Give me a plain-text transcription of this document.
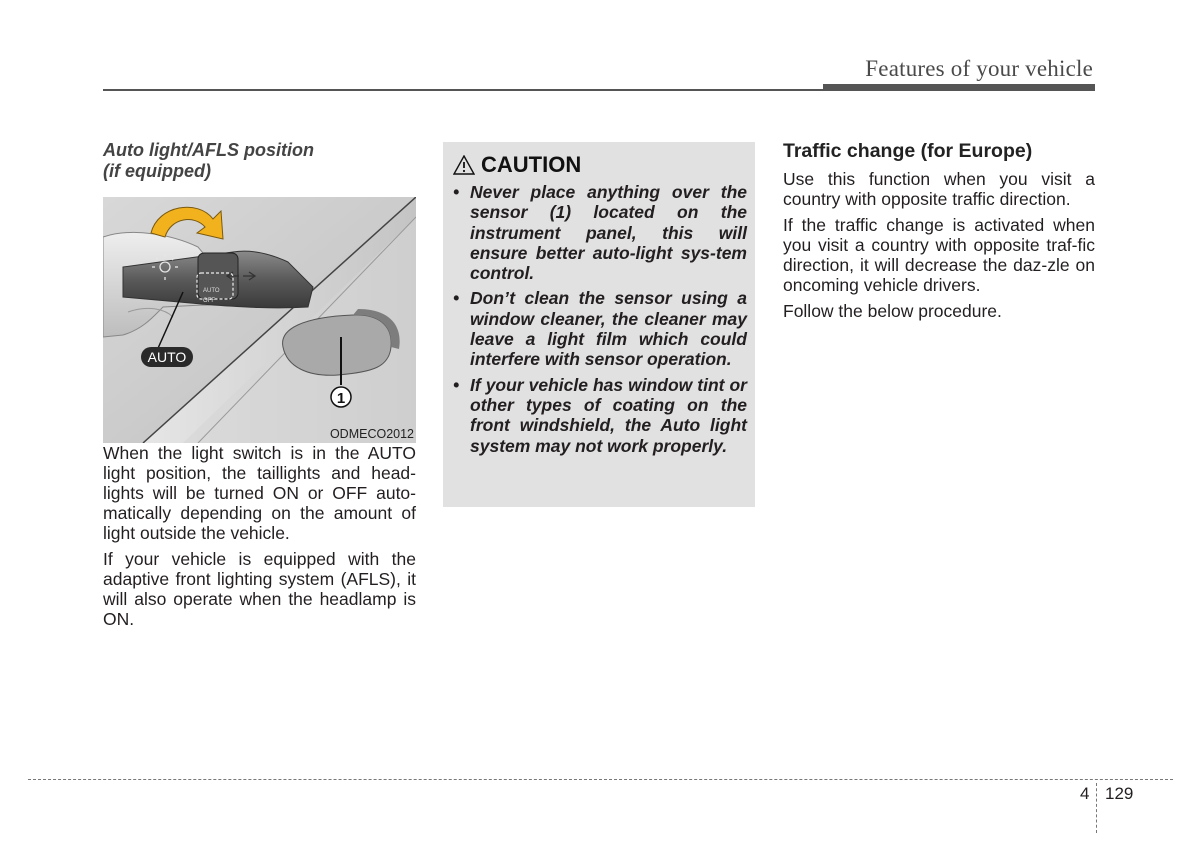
Features of your vehicle

Auto light/AFLS position
(if equipped)

1
AUTO
OFF
AUTO
ODMECO2012

When the light switch is in the AUTO light position, the taillights and head-lights will be turned ON or OFF auto-matically depending on the amount of light outside the vehicle.

If your vehicle is equipped with the adaptive front lighting system (AFLS), it will also operate when the headlamp is ON.

CAUTION
• Never place anything over the sensor (1) located on the instrument panel, this will ensure better auto-light sys-tem control.
• Don’t clean the sensor using a window cleaner, the cleaner may leave a light film which could interfere with sensor operation.
• If your vehicle has window tint or other types of coating on the front windshield, the Auto light system may not work properly.

Traffic change (for Europe)

Use this function when you visit a country with opposite traffic direction.

If the traffic change is activated when you visit a country with opposite traf-fic direction, it will decrease the daz-zle on oncoming vehicle drivers.

Follow the below procedure.

4 129
